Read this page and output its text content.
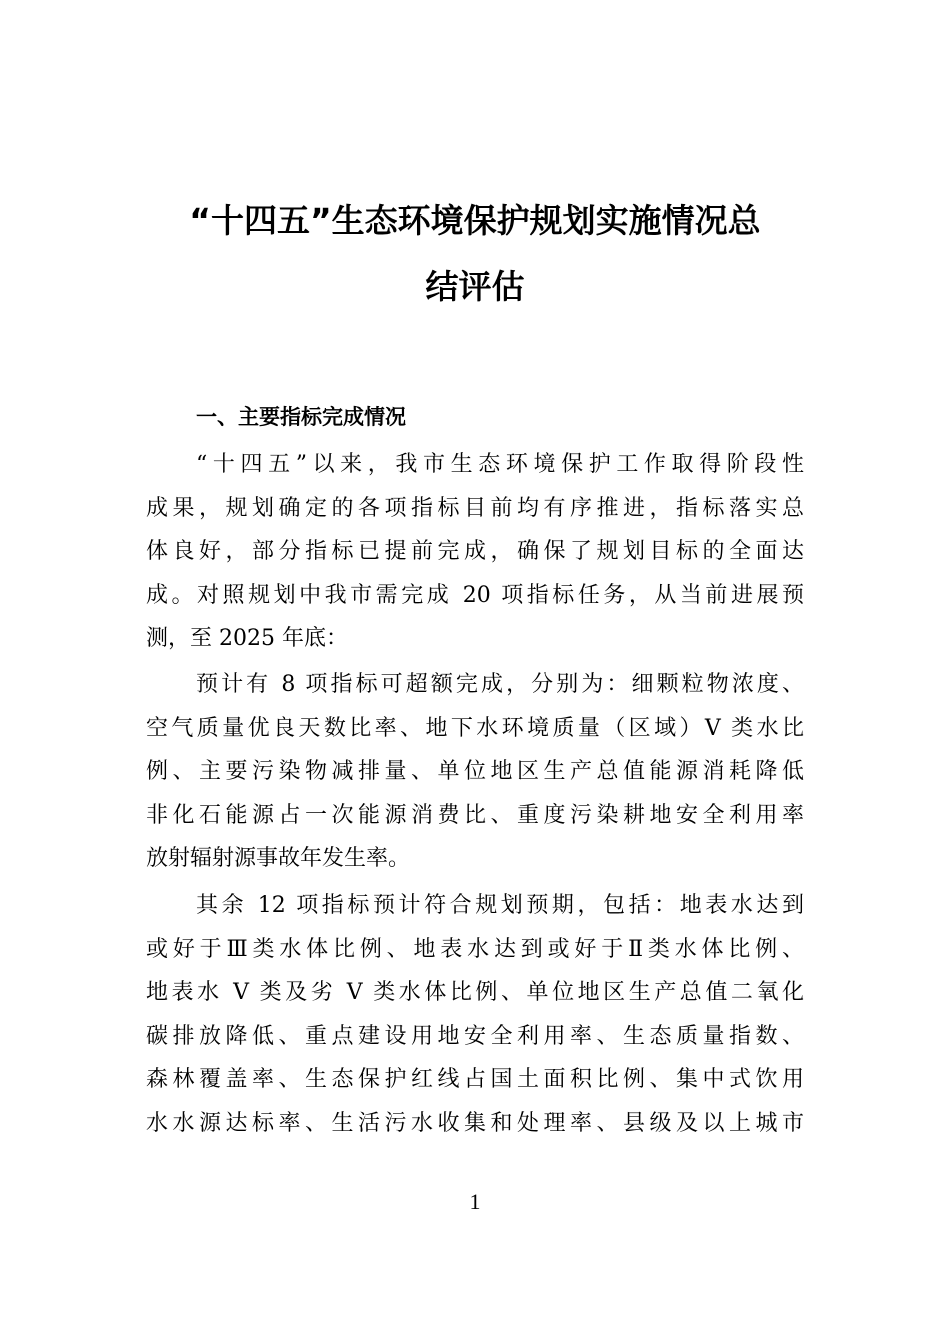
“十四五”生态环境保护规划实施情况总
结评估
一、主要指标完成情况

“十四五”以来，我市生态环境保护工作取得阶段性
成果，规划确定的各项指标目前均有序推进，指标落实总
体良好，部分指标已提前完成，确保了规划目标的全面达
成。对照规划中我市需完成 20 项指标任务，从当前进展预
测，至 2025 年底：

预计有 8 项指标可超额完成，分别为：细颗粒物浓度、
空气质量优良天数比率、地下水环境质量（区域）V 类水比
例、主要污染物减排量、单位地区生产总值能源消耗降低
非化石能源占一次能源消费比、重度污染耕地安全利用率
放射辐射源事故年发生率。

其余 12 项指标预计符合规划预期，包括：地表水达到
或好于Ⅲ类水体比例、地表水达到或好于Ⅱ类水体比例、
地表水 V 类及劣 V 类水体比例、单位地区生产总值二氧化
碳排放降低、重点建设用地安全利用率、生态质量指数、
森林覆盖率、生态保护红线占国土面积比例、集中式饮用
水水源达标率、生活污水收集和处理率、县级及以上城市

1
